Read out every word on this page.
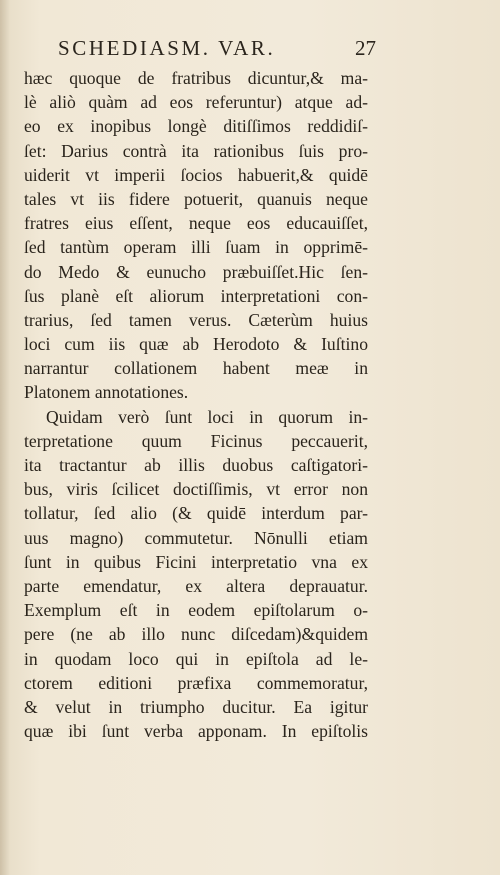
SCHEDIASM. VAR.	27
hæc quoque de fratribus dicuntur,& ma-
lè aliò quàm ad eos referuntur) atque ad-
eo ex inopibus longè ditiſſimos reddidiſ-
ſet: Darius contrà ita rationibus ſuis pro-
uiderit vt imperii ſocios habuerit,& quidē
tales vt iis fidere potuerit, quanuis neque
fratres eius eſſent, neque eos educauiſſet,
ſed tantùm operam illi ſuam in opprimē-
do Medo & eunucho præbuiſſet.Hic ſen-
ſus planè eſt aliorum interpretationi con-
trarius, ſed tamen verus. Cæterùm huius
loci cum iis quæ ab Herodoto & Iuſtino
narrantur collationem habent meæ in
Platonem annotationes.
Quidam verò ſunt loci in quorum in-
terpretatione quum Ficinus peccauerit,
ita tractantur ab illis duobus caſtigatori-
bus, viris ſcilicet doctiſſimis, vt error non
tollatur, ſed alio (& quidē interdum par-
uus magno) commutetur. Nōnulli etiam
ſunt in quibus Ficini interpretatio vna ex
parte emendatur, ex altera deprauatur.
Exemplum eſt in eodem epiſtolarum o-
pere (ne ab illo nunc diſcedam)&quidem
in quodam loco qui in epiſtola ad le-
ctorem editioni præfixa commemoratur,
& velut in triumpho ducitur. Ea igitur
quæ ibi ſunt verba apponam. In epiſtolis
